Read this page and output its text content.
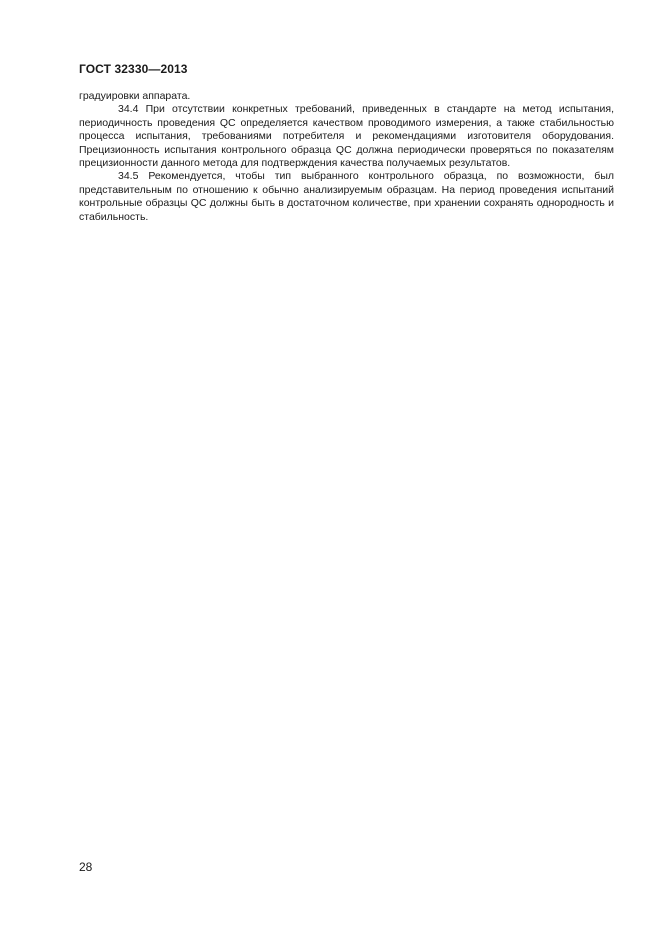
ГОСТ 32330—2013

градуировки аппарата.

34.4 При отсутствии конкретных требований, приведенных в стандарте на метод испытания, периодичность проведения QC определяется качеством проводимого измерения, а также стабильностью процесса испытания, требованиями потребителя и рекомендациями изготовителя оборудования. Прецизионность испытания контрольного образца QC должна периодически проверяться по показателям прецизионности данного метода для подтверждения качества получаемых результатов.

34.5 Рекомендуется, чтобы тип выбранного контрольного образца, по возможности, был представительным по отношению к обычно анализируемым образцам. На период проведения испытаний контрольные образцы QC должны быть в достаточном количестве, при хранении сохранять однородность и стабильность.

28
